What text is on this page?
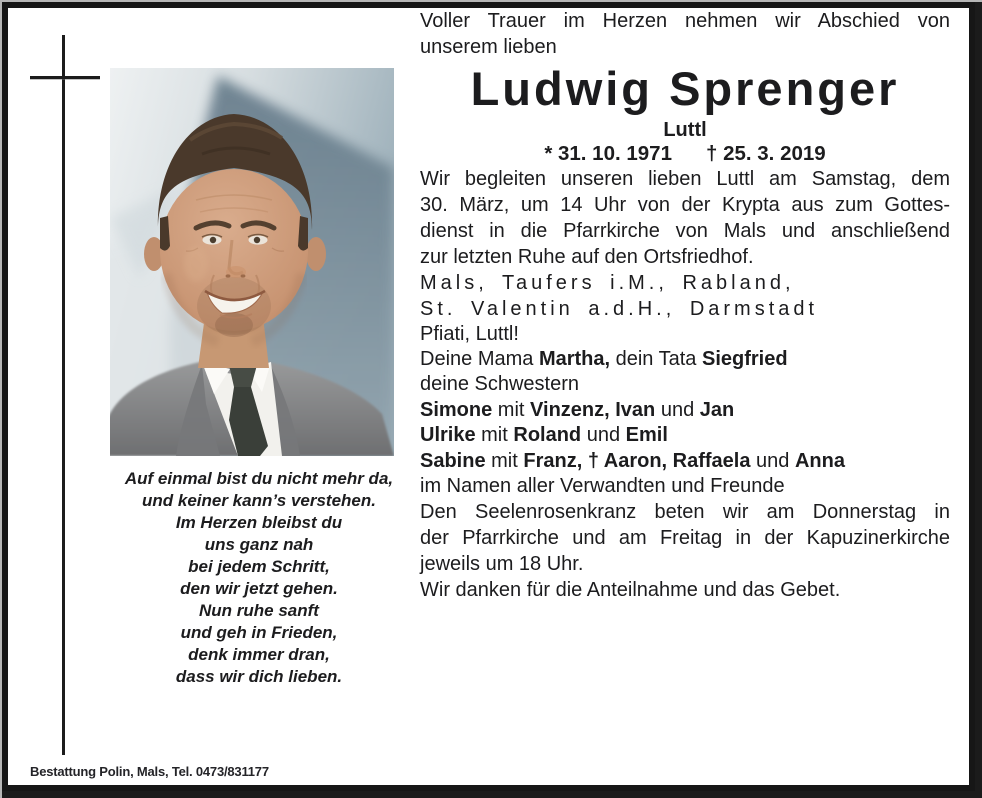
Auf einmal bist du nicht mehr da,
und keiner kann’s verstehen.
Im Herzen bleibst du
uns ganz nah
bei jedem Schritt,
den wir jetzt gehen.
Nun ruhe sanft
und geh in Frieden,
denk immer dran,
dass wir dich lieben.
Voller Trauer im Herzen nehmen wir Abschied von
unserem lieben
Ludwig Sprenger
Luttl
* 31. 10. 1971 † 25. 3. 2019
Wir begleiten unseren lieben Luttl am Samstag, dem
30. März, um 14 Uhr von der Krypta aus zum Gottes-
dienst in die Pfarrkirche von Mals und anschließend
zur letzten Ruhe auf den Ortsfriedhof.
Mals, Taufers i.M., Rabland,
St. Valentin a.d.H., Darmstadt

Pfiati, Luttl!

Deine Mama Martha, dein Tata Siegfried
deine Schwestern
Simone mit Vinzenz, Ivan und Jan
Ulrike mit Roland und Emil
Sabine mit Franz, † Aaron, Raffaela und Anna
im Namen aller Verwandten und Freunde
Den Seelenrosenkranz beten wir am Donnerstag in
der Pfarrkirche und am Freitag in der Kapuzinerkirche
jeweils um 18 Uhr.

Wir danken für die Anteilnahme und das Gebet.

Bestattung Polin, Mals, Tel. 0473/831177
